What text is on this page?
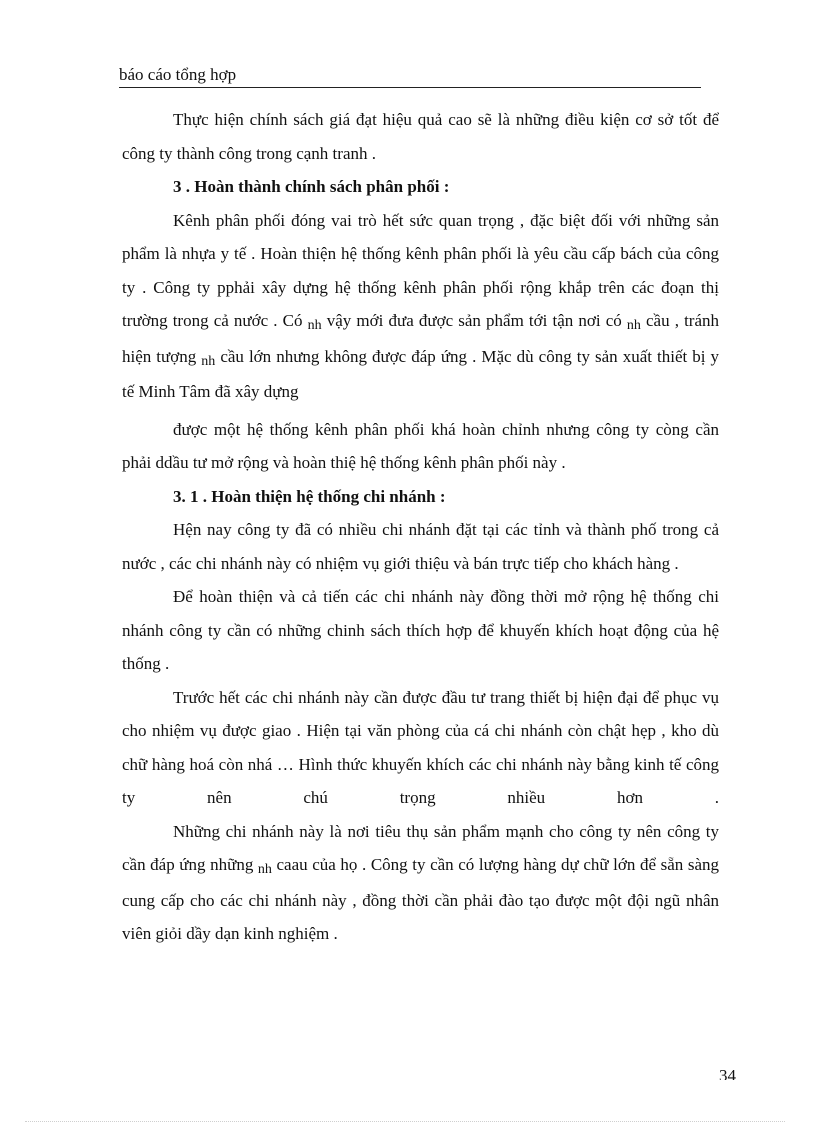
báo cáo tổng hợp

Thực hiện chính sách giá đạt hiệu quả cao sẽ là những điều kiện cơ sở tốt để công ty thành công trong cạnh tranh .

3 . Hoàn thành chính sách phân phối :

Kênh phân phối đóng vai trò hết sức quan trọng , đặc biệt đối với những sản phẩm là nhựa y tế . Hoàn thiện hệ thống kênh phân phối là yêu cầu cấp bách của công ty . Công ty pphải xây dựng hệ thống kênh phân phối rộng khắp trên các đoạn thị trường trong cả nước . Có nh vậy mới đưa được sản phẩm tới tận nơi có nh cầu , tránh hiện tượng nh cầu lớn nhưng không được đáp ứng . Mặc dù công ty sản xuất thiết bị y tế Minh Tâm đã xây dựng

được một hệ thống kênh phân phối khá hoàn chỉnh nhưng công ty còng cần phải ddầu tư mở rộng và hoàn thiệ hệ thống kênh phân phối này .

3. 1 . Hoàn thiện hệ thống chi nhánh :

Hện nay công ty đã có nhiều chi nhánh đặt tại các tỉnh và thành phố trong cả nước , các chi nhánh này có nhiệm vụ giới thiệu và bán trực tiếp cho khách hàng .

Để hoàn thiện và cả tiến các chi nhánh này đồng thời mở rộng hệ thống chi nhánh công ty cần có những chinh sách thích hợp để khuyến khích hoạt động của hệ thống .

Trước hết các chi nhánh này cần được đầu tư trang thiết bị hiện đại để phục vụ cho nhiệm vụ được giao . Hiện tại văn phòng của cá chi nhánh còn chật hẹp , kho dù chữ hàng hoá còn nhá … Hình thức khuyến khích các chi nhánh này bằng kinh tế công ty nên chú trọng nhiều hơn .

Những chi nhánh này là nơi tiêu thụ sản phẩm mạnh cho công ty nên công ty cần đáp ứng những nh caau của họ . Công ty cần có lượng hàng dự chữ lớn để sẵn sàng cung cấp cho các chi nhánh này , đồng thời cần phải đào tạo được một đội ngũ nhân viên giỏi dầy dạn kinh nghiệm .

34
